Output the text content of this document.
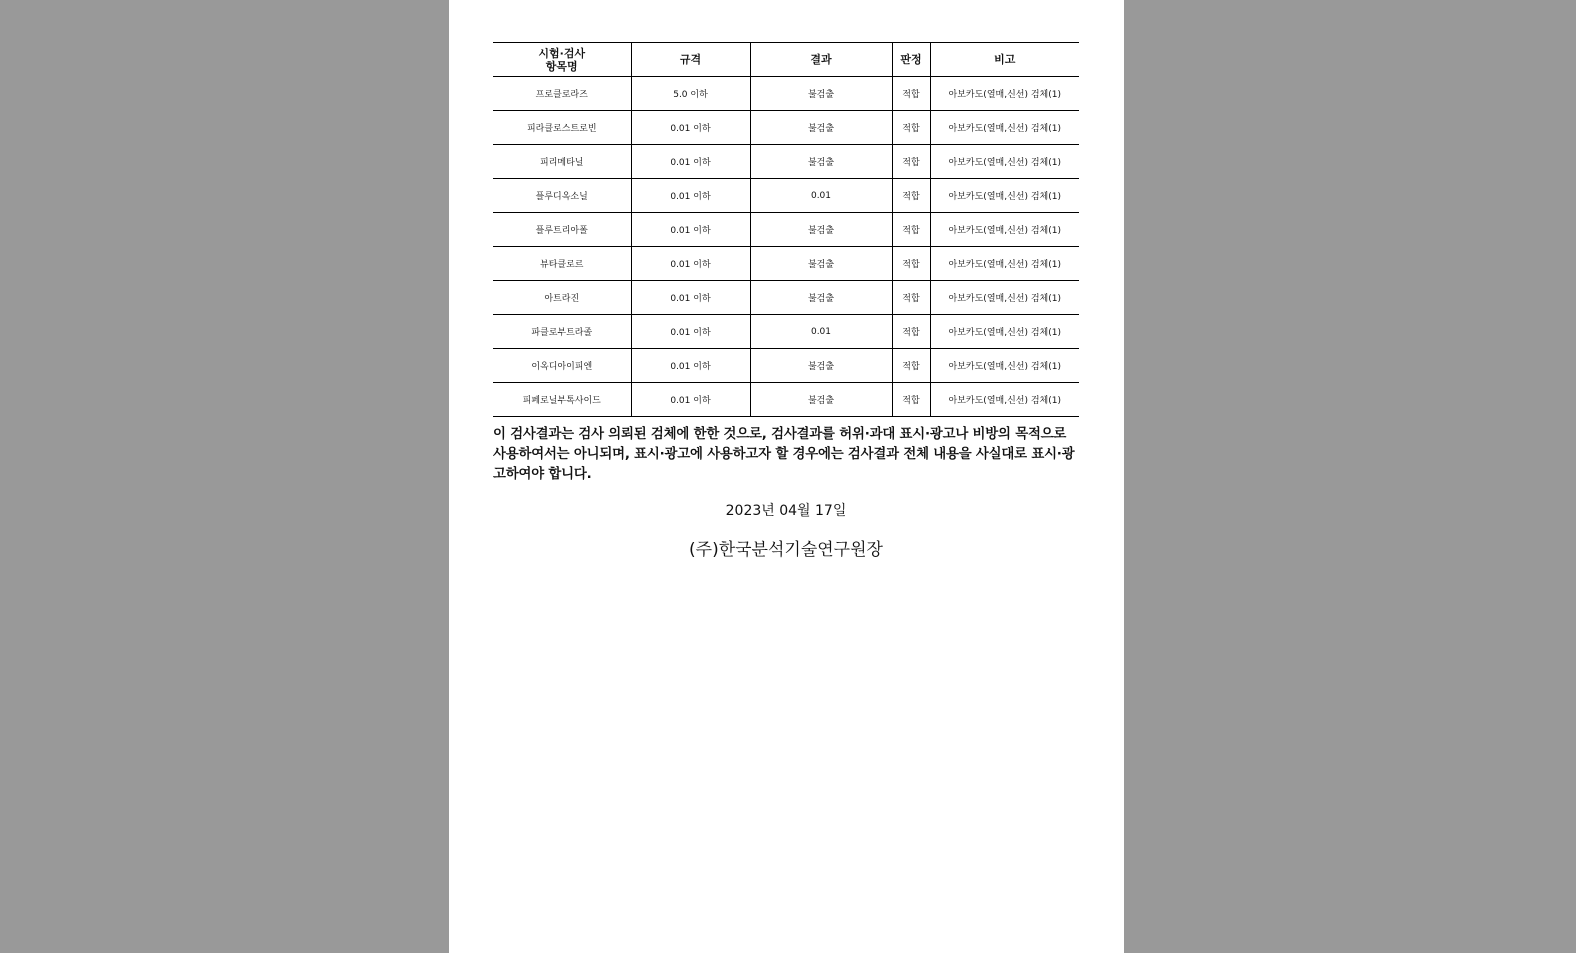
시험·검사
항목명	규격	결과	판정	비고
프로클로라즈	5.0 이하	불검출	적합	아보카도(열매,신선) 검체(1)
피라클로스트로빈	0.01 이하	불검출	적합	아보카도(열매,신선) 검체(1)
피리메타닐	0.01 이하	불검출	적합	아보카도(열매,신선) 검체(1)
플루디옥소닐	0.01 이하	0.01	적합	아보카도(열매,신선) 검체(1)
플루트리아폴	0.01 이하	불검출	적합	아보카도(열매,신선) 검체(1)
뷰타클로르	0.01 이하	불검출	적합	아보카도(열매,신선) 검체(1)
아트라진	0.01 이하	불검출	적합	아보카도(열매,신선) 검체(1)
파클로부트라졸	0.01 이하	0.01	적합	아보카도(열매,신선) 검체(1)
이옥디아이피엔	0.01 이하	불검출	적합	아보카도(열매,신선) 검체(1)
피페로닐부톡사이드	0.01 이하	불검출	적합	아보카도(열매,신선) 검체(1)

이 검사결과는 검사 의뢰된 검체에 한한 것으로, 검사결과를 허위·과대 표시·광고나 비방의 목적으로 사용하여서는 아니되며, 표시·광고에 사용하고자 할 경우에는 검사결과 전체 내용을 사실대로 표시·광고하여야 합니다.

2023년 04월 17일
(주)한국분석기술연구원장
